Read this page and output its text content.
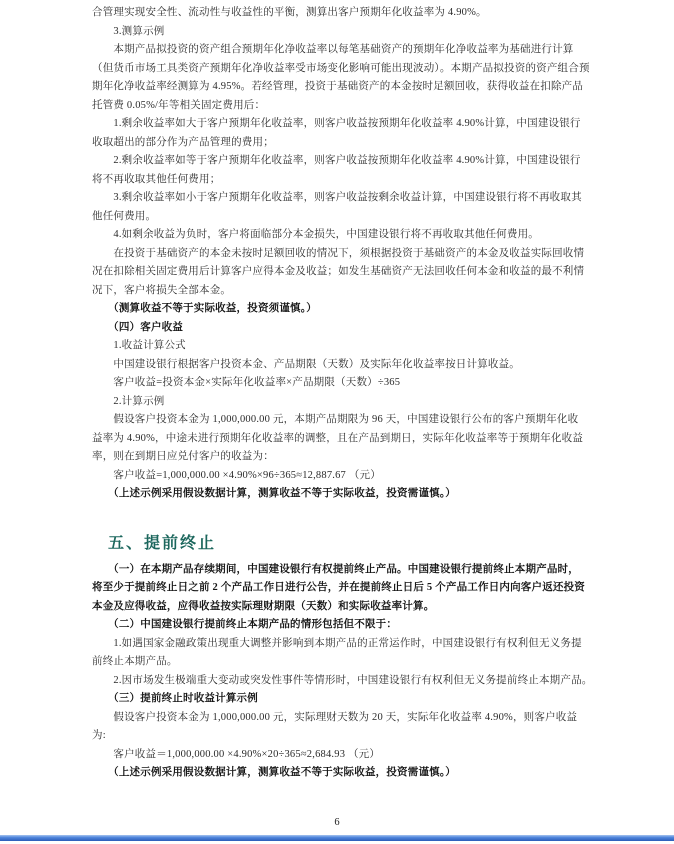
合管理实现安全性、流动性与收益性的平衡，测算出客户预期年化收益率为 4.90%。
　　3.测算示例
　　本期产品拟投资的资产组合预期年化净收益率以每笔基础资产的预期年化净收益率为基础进行计算
（但货币市场工具类资产预期年化净收益率受市场变化影响可能出现波动）。本期产品拟投资的资产组合预
期年化净收益率经测算为 4.95%。若经管理，投资于基础资产的本金按时足额回收，获得收益在扣除产品
托管费 0.05%/年等相关固定费用后：
　　1.剩余收益率如大于客户预期年化收益率，则客户收益按预期年化收益率 4.90%计算，中国建设银行
收取超出的部分作为产品管理的费用；
　　2.剩余收益率如等于客户预期年化收益率，则客户收益按预期年化收益率 4.90%计算，中国建设银行
将不再收取其他任何费用；
　　3.剩余收益率如小于客户预期年化收益率，则客户收益按剩余收益计算，中国建设银行将不再收取其
他任何费用。
　　4.如剩余收益为负时，客户将面临部分本金损失，中国建设银行将不再收取其他任何费用。
　　在投资于基础资产的本金未按时足额回收的情况下，须根据投资于基础资产的本金及收益实际回收情
况在扣除相关固定费用后计算客户应得本金及收益；如发生基础资产无法回收任何本金和收益的最不利情
况下，客户将损失全部本金。
　　（测算收益不等于实际收益，投资须谨慎。）
　　（四）客户收益
　　1.收益计算公式
　　中国建设银行根据客户投资本金、产品期限（天数）及实际年化收益率按日计算收益。
　　客户收益=投资本金×实际年化收益率×产品期限（天数）÷365
　　2.计算示例
　　假设客户投资本金为 1,000,000.00 元，本期产品期限为 96 天，中国建设银行公布的客户预期年化收
益率为 4.90%，中途未进行预期年化收益率的调整，且在产品到期日，实际年化收益率等于预期年化收益
率，则在到期日应兑付客户的收益为：
　　客户收益=1,000,000.00 ×4.90%×96÷365≈12,887.67 （元）
　　（上述示例采用假设数据计算，测算收益不等于实际收益，投资需谨慎。）
五、提前终止
　　（一）在本期产品存续期间，中国建设银行有权提前终止产品。中国建设银行提前终止本期产品时，
将至少于提前终止日之前 2 个产品工作日进行公告，并在提前终止日后 5 个产品工作日内向客户返还投资
本金及应得收益，应得收益按实际理财期限（天数）和实际收益率计算。
　　（二）中国建设银行提前终止本期产品的情形包括但不限于：
　　1.如遇国家金融政策出现重大调整并影响到本期产品的正常运作时，中国建设银行有权利但无义务提
前终止本期产品。
　　2.因市场发生极端重大变动或突发性事件等情形时，中国建设银行有权利但无义务提前终止本期产品。
　　（三）提前终止时收益计算示例
　　假设客户投资本金为 1,000,000.00 元，实际理财天数为 20 天，实际年化收益率 4.90%，则客户收益
为:
　　客户收益＝1,000,000.00 ×4.90%×20÷365≈2,684.93 （元）
　　（上述示例采用假设数据计算，测算收益不等于实际收益，投资需谨慎。）
6
